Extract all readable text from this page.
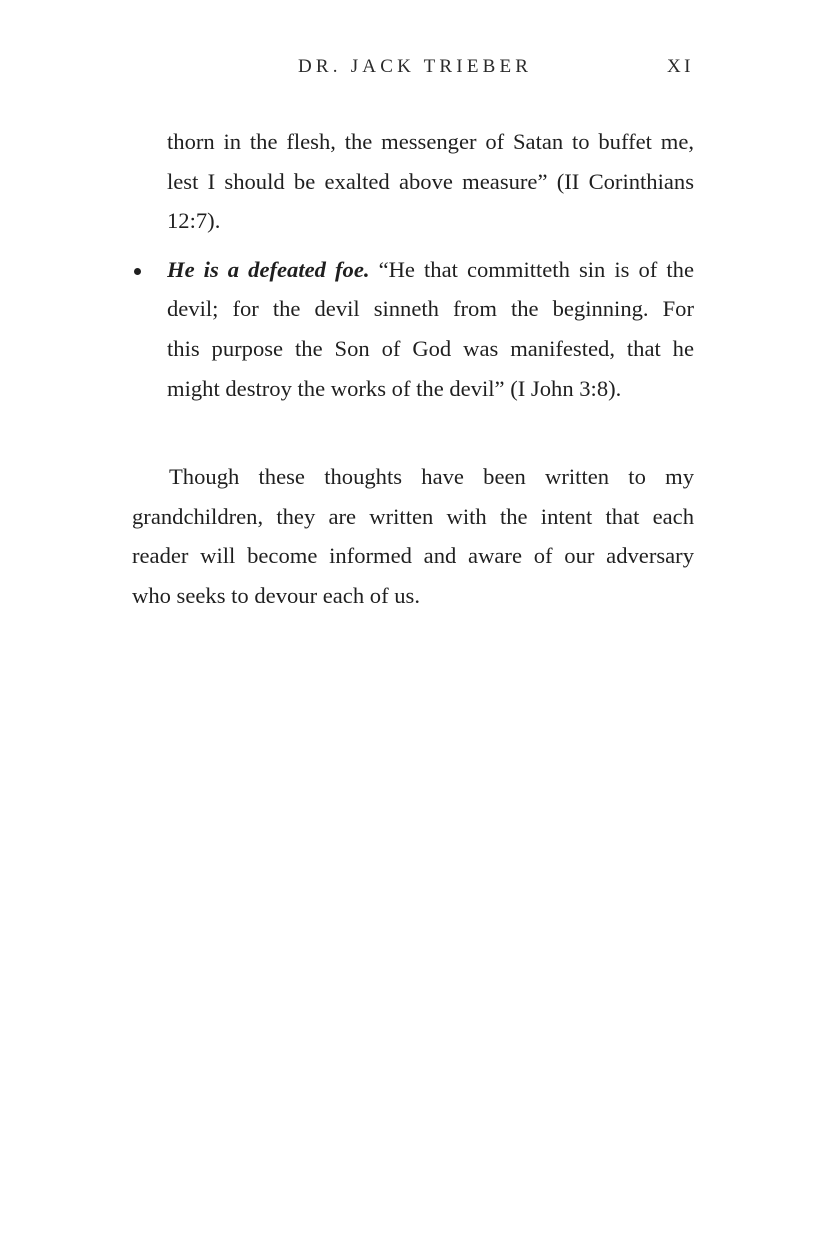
DR. JACK TRIEBER	XI
thorn in the flesh, the messenger of Satan to buffet me,
lest I should be exalted above measure” (II Corinthians
12:7).
He is a defeated foe. “He that committeth sin is of the
devil; for the devil sinneth from the beginning. For
this purpose the Son of God was manifested, that he
might destroy the works of the devil” (I John 3:8).
Though these thoughts have been written to my
grandchildren, they are written with the intent that each
reader will become informed and aware of our adversary
who seeks to devour each of us.
